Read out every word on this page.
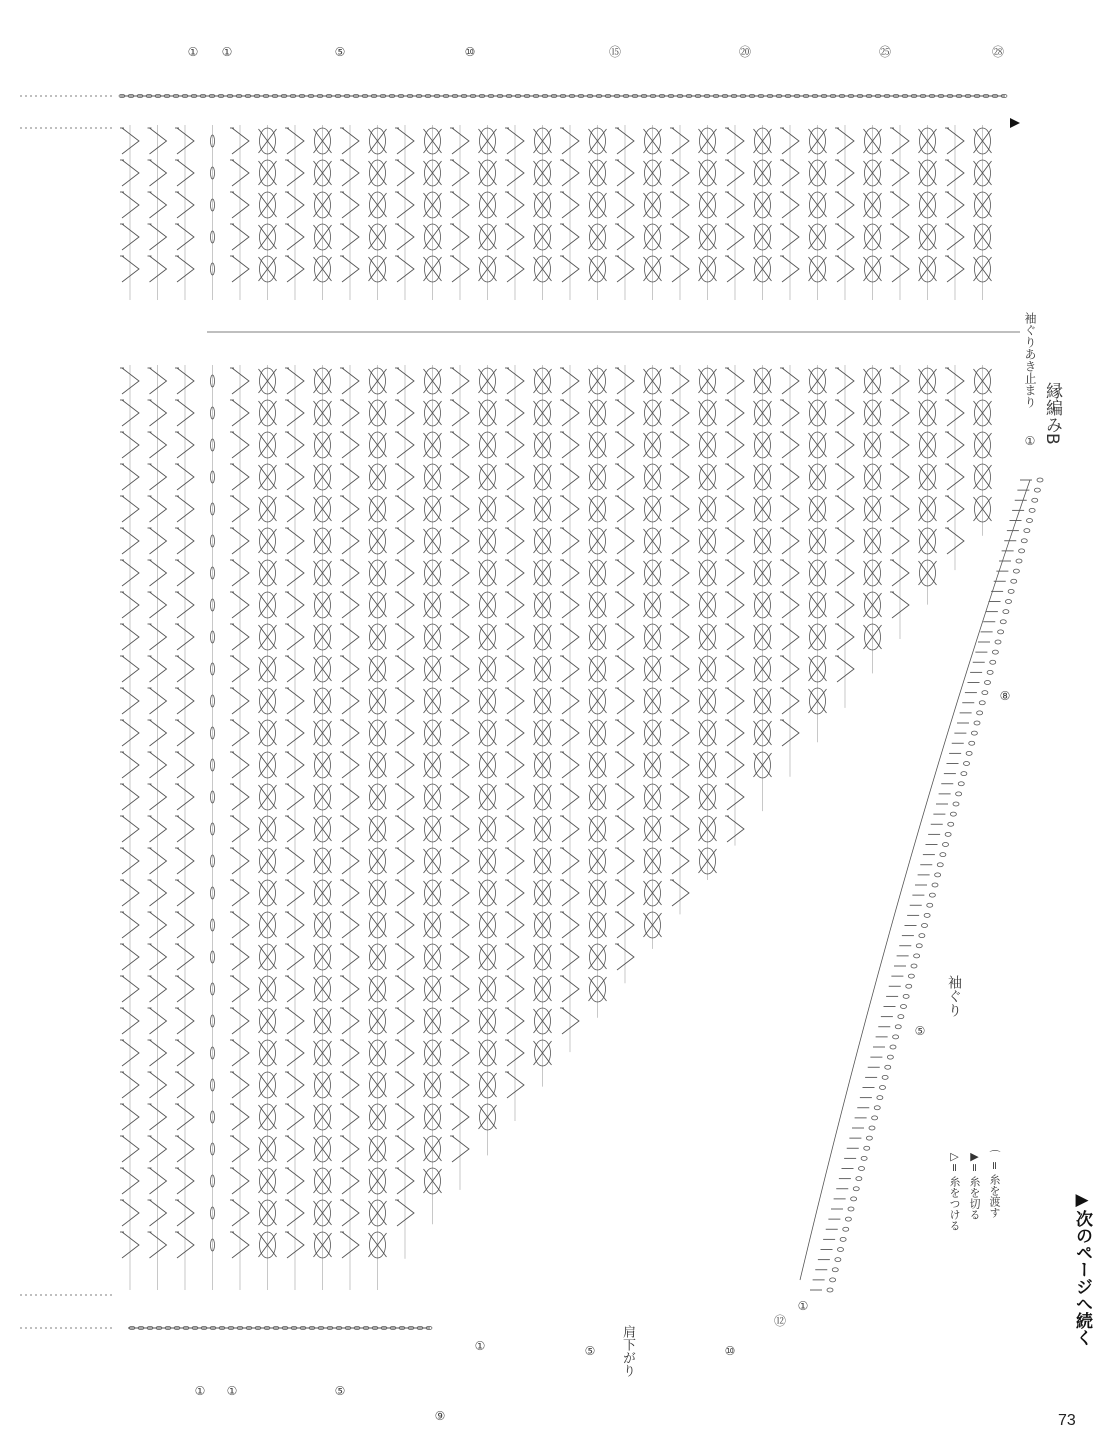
① ①	⑤	⑩	⑮	⑳	㉕	㉘
① ①	⑤
⑨
①	⑤	⑩
⑫
①
①
⑤
⑧
袖ぐりあき止まり
縁編みB
袖ぐり
肩下がり
▷= 糸をつける
▶= 糸を切る
⌒= 糸を渡す
▶次のページへ続く
73
